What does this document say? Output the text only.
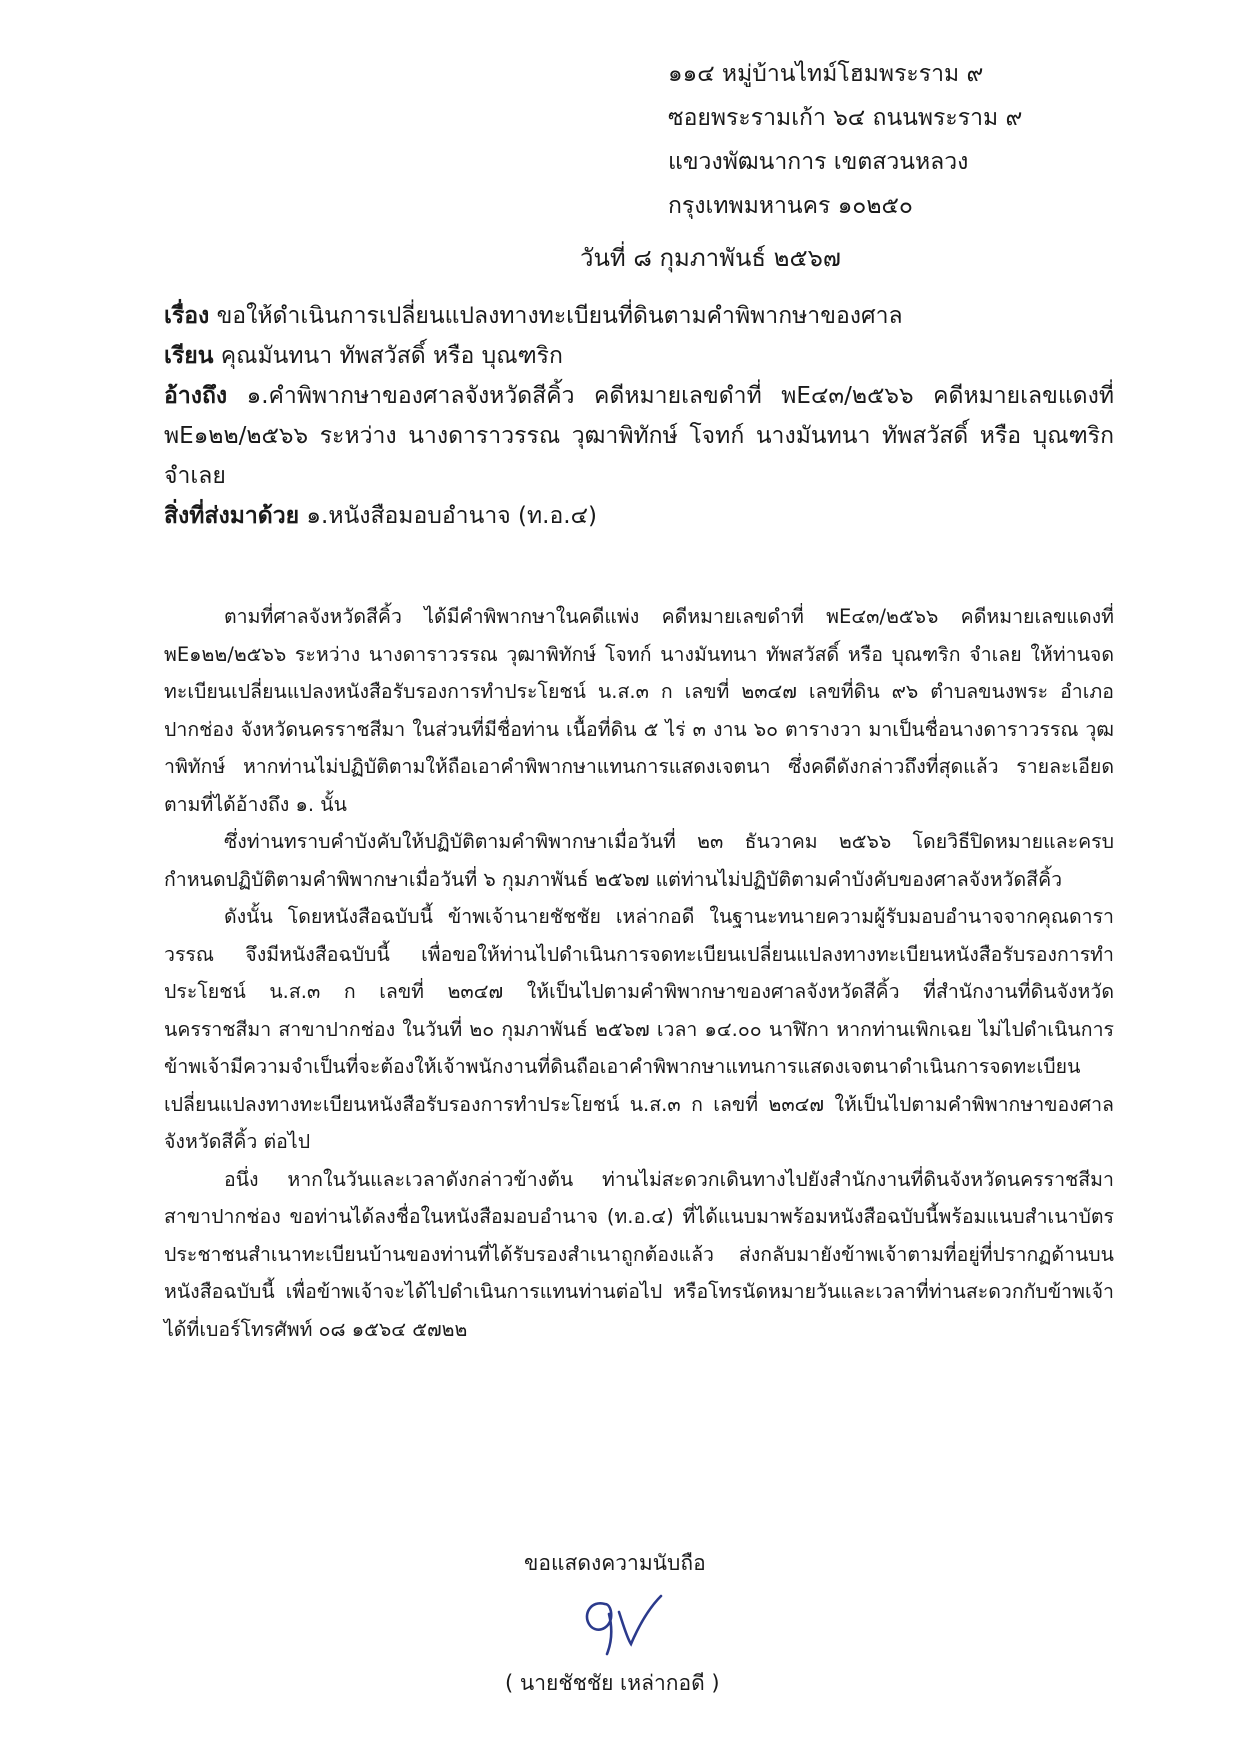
๑๑๔ หมู่บ้านไทม์โฮมพระราม ๙
ซอยพระรามเก้า ๖๔ ถนนพระราม ๙
แขวงพัฒนาการ เขตสวนหลวง
กรุงเทพมหานคร ๑๐๒๕๐
วันที่ ๘ กุมภาพันธ์ ๒๕๖๗
เรื่อง ขอให้ดำเนินการเปลี่ยนแปลงทางทะเบียนที่ดินตามคำพิพากษาของศาล
เรียน คุณมันทนา ทัพสวัสดิ์ หรือ บุณฑริก
อ้างถึง ๑.คำพิพากษาของศาลจังหวัดสีคิ้ว คดีหมายเลขดำที่ พE๔๓/๒๕๖๖ คดีหมายเลขแดงที่ พE๑๒๒/๒๕๖๖ ระหว่าง นางดาราวรรณ วุฒาพิทักษ์ โจทก์ นางมันทนา ทัพสวัสดิ์ หรือ บุณฑริก จำเลย
สิ่งที่ส่งมาด้วย ๑.หนังสือมอบอำนาจ (ท.อ.๔)

ตามที่ศาลจังหวัดสีคิ้ว ได้มีคำพิพากษาในคดีแพ่ง คดีหมายเลขดำที่ พE๔๓/๒๕๖๖ คดีหมายเลขแดงที่ พE๑๒๒/๒๕๖๖ ระหว่าง นางดาราวรรณ วุฒาพิทักษ์ โจทก์ นางมันทนา ทัพสวัสดิ์ หรือ บุณฑริก จำเลย ให้ท่านจดทะเบียนเปลี่ยนแปลงหนังสือรับรองการทำประโยชน์ น.ส.๓ ก เลขที่ ๒๓๔๗ เลขที่ดิน ๙๖ ตำบลขนงพระ อำเภอปากช่อง จังหวัดนครราชสีมา ในส่วนที่มีชื่อท่าน เนื้อที่ดิน ๕ ไร่ ๓ งาน ๖๐ ตารางวา มาเป็นชื่อนางดาราวรรณ วุฒาพิทักษ์ หากท่านไม่ปฏิบัติตามให้ถือเอาคำพิพากษาแทนการแสดงเจตนา ซึ่งคดีดังกล่าวถึงที่สุดแล้ว รายละเอียดตามที่ได้อ้างถึง ๑. นั้น

ซึ่งท่านทราบคำบังคับให้ปฏิบัติตามคำพิพากษาเมื่อวันที่ ๒๓ ธันวาคม ๒๕๖๖ โดยวิธีปิดหมายและครบกำหนดปฏิบัติตามคำพิพากษาเมื่อวันที่ ๖ กุมภาพันธ์ ๒๕๖๗ แต่ท่านไม่ปฏิบัติตามคำบังคับของศาลจังหวัดสีคิ้ว

ดังนั้น โดยหนังสือฉบับนี้ ข้าพเจ้านายชัชชัย เหล่ากอดี ในฐานะทนายความผู้รับมอบอำนาจจากคุณดาราวรรณ จึงมีหนังสือฉบับนี้ เพื่อขอให้ท่านไปดำเนินการจดทะเบียนเปลี่ยนแปลงทางทะเบียนหนังสือรับรองการทำประโยชน์ น.ส.๓ ก เลขที่ ๒๓๔๗ ให้เป็นไปตามคำพิพากษาของศาลจังหวัดสีคิ้ว ที่สำนักงานที่ดินจังหวัดนครราชสีมา สาขาปากช่อง ในวันที่ ๒๐ กุมภาพันธ์ ๒๕๖๗ เวลา ๑๔.๐๐ นาฬิกา หากท่านเพิกเฉย ไม่ไปดำเนินการ ข้าพเจ้ามีความจำเป็นที่จะต้องให้เจ้าพนักงานที่ดินถือเอาคำพิพากษาแทนการแสดงเจตนาดำเนินการจดทะเบียนเปลี่ยนแปลงทางทะเบียนหนังสือรับรองการทำประโยชน์ น.ส.๓ ก เลขที่ ๒๓๔๗ ให้เป็นไปตามคำพิพากษาของศาลจังหวัดสีคิ้ว ต่อไป

อนึ่ง หากในวันและเวลาดังกล่าวข้างต้น ท่านไม่สะดวกเดินทางไปยังสำนักงานที่ดินจังหวัดนครราชสีมา สาขาปากช่อง ขอท่านได้ลงชื่อในหนังสือมอบอำนาจ (ท.อ.๔) ที่ได้แนบมาพร้อมหนังสือฉบับนี้พร้อมแนบสำเนาบัตรประชาชนสำเนาทะเบียนบ้านของท่านที่ได้รับรองสำเนาถูกต้องแล้ว ส่งกลับมายังข้าพเจ้าตามที่อยู่ที่ปรากฏด้านบนหนังสือฉบับนี้ เพื่อข้าพเจ้าจะได้ไปดำเนินการแทนท่านต่อไป หรือโทรนัดหมายวันและเวลาที่ท่านสะดวกกับข้าพเจ้าได้ที่เบอร์โทรศัพท์ ๐๘ ๑๕๖๔ ๕๗๒๒

ขอแสดงความนับถือ
( นายชัชชัย เหล่ากอดี )
